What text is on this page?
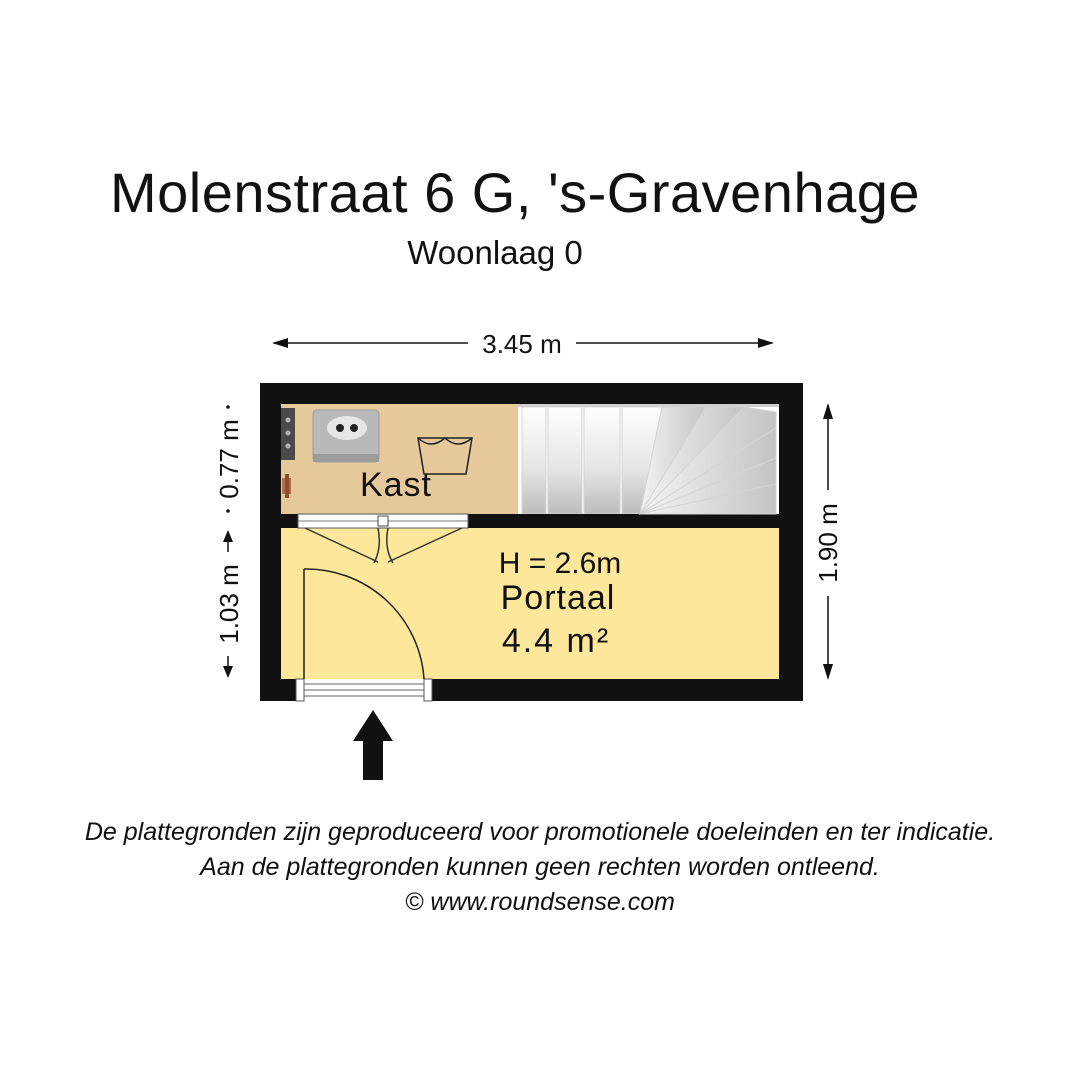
Molenstraat 6 G, 's-Gravenhage
Woonlaag 0
3.45 m
1.90 m
0.77 m
1.03 m
Kast
H = 2.6m
Portaal
4.4 m²
De plattegronden zijn geproduceerd voor promotionele doeleinden en ter indicatie.
Aan de plattegronden kunnen geen rechten worden ontleend.
© www.roundsense.com
